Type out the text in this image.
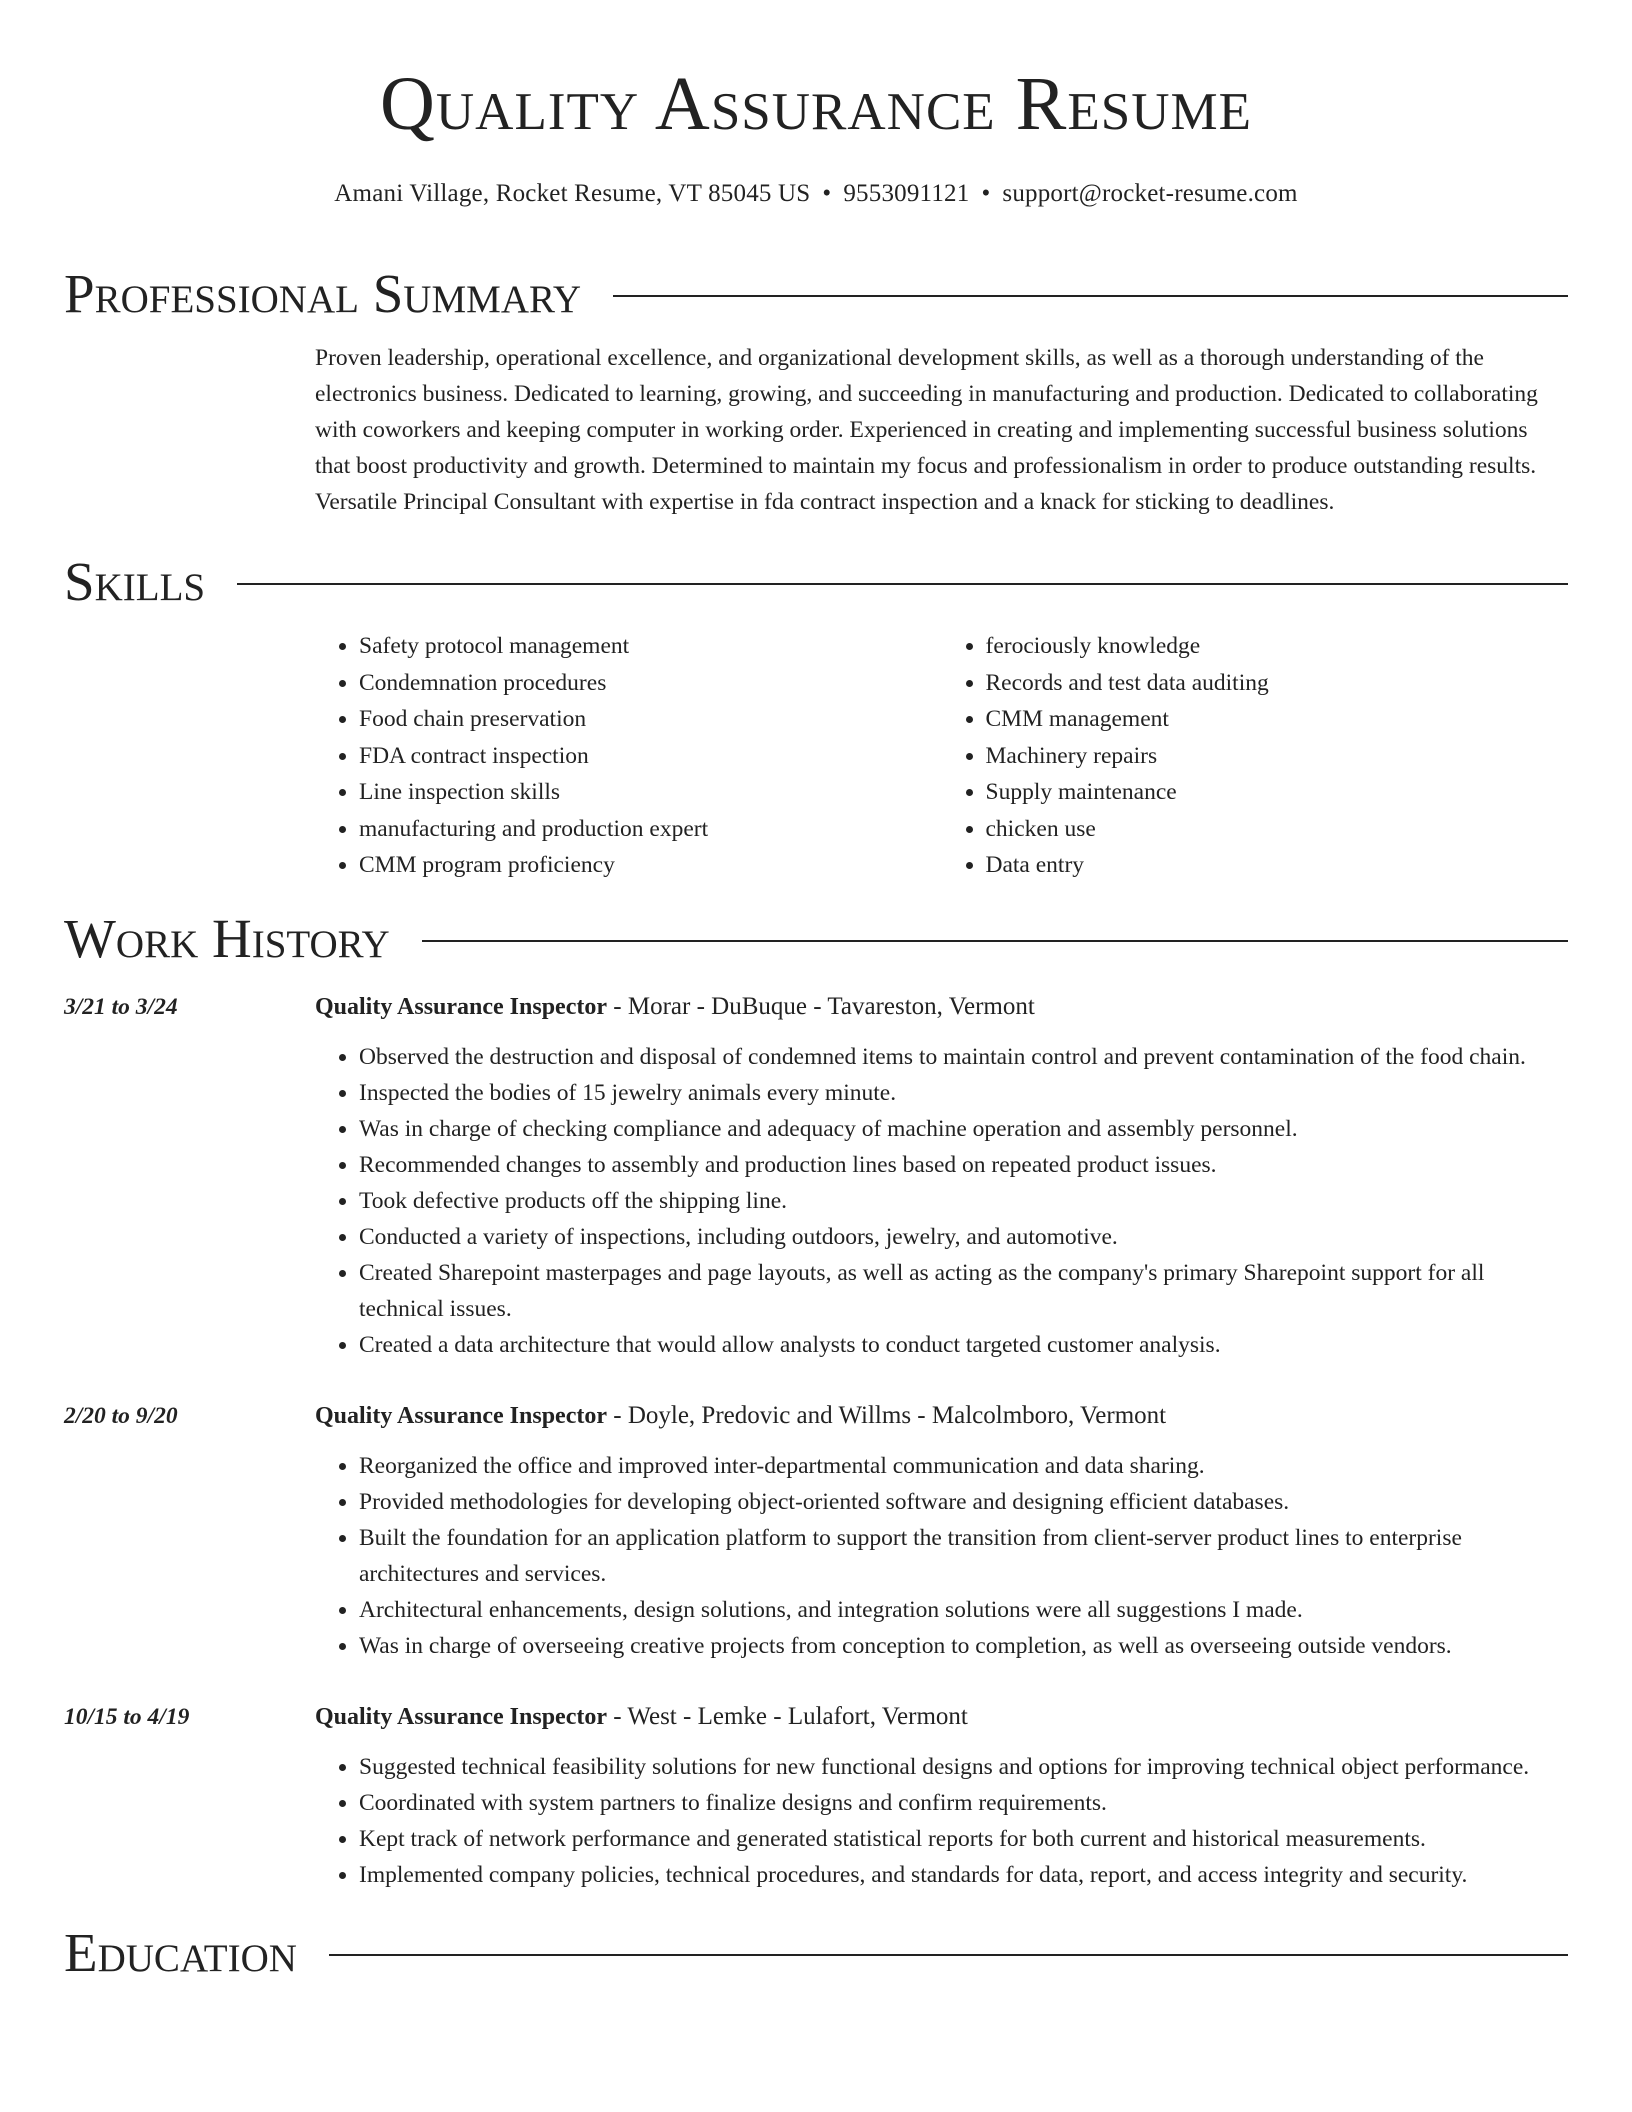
Quality Assurance Resume
Amani Village, Rocket Resume, VT 85045 US • 9553091121 • support@rocket-resume.com
Professional Summary

Proven leadership, operational excellence, and organizational development skills, as well as a thorough understanding of the electronics business. Dedicated to learning, growing, and succeeding in manufacturing and production. Dedicated to collaborating with coworkers and keeping computer in working order. Experienced in creating and implementing successful business solutions that boost productivity and growth. Determined to maintain my focus and professionalism in order to produce outstanding results. Versatile Principal Consultant with expertise in fda contract inspection and a knack for sticking to deadlines.

Skills
• Safety protocol management
• Condemnation procedures
• Food chain preservation
• FDA contract inspection
• Line inspection skills
• manufacturing and production expert
• CMM program proficiency
• ferociously knowledge
• Records and test data auditing
• CMM management
• Machinery repairs
• Supply maintenance
• chicken use
• Data entry
Work History
3/21 to 3/24	Quality Assurance Inspector - Morar - DuBuque - Tavareston, Vermont
• Observed the destruction and disposal of condemned items to maintain control and prevent contamination of the food chain.
• Inspected the bodies of 15 jewelry animals every minute.
• Was in charge of checking compliance and adequacy of machine operation and assembly personnel.
• Recommended changes to assembly and production lines based on repeated product issues.
• Took defective products off the shipping line.
• Conducted a variety of inspections, including outdoors, jewelry, and automotive.
• Created Sharepoint masterpages and page layouts, as well as acting as the company's primary Sharepoint support for all technical issues.
• Created a data architecture that would allow analysts to conduct targeted customer analysis.
2/20 to 9/20	Quality Assurance Inspector - Doyle, Predovic and Willms - Malcolmboro, Vermont
• Reorganized the office and improved inter-departmental communication and data sharing.
• Provided methodologies for developing object-oriented software and designing efficient databases.
• Built the foundation for an application platform to support the transition from client-server product lines to enterprise architectures and services.
• Architectural enhancements, design solutions, and integration solutions were all suggestions I made.
• Was in charge of overseeing creative projects from conception to completion, as well as overseeing outside vendors.
10/15 to 4/19	Quality Assurance Inspector - West - Lemke - Lulafort, Vermont
• Suggested technical feasibility solutions for new functional designs and options for improving technical object performance.
• Coordinated with system partners to finalize designs and confirm requirements.
• Kept track of network performance and generated statistical reports for both current and historical measurements.
• Implemented company policies, technical procedures, and standards for data, report, and access integrity and security.
Education
